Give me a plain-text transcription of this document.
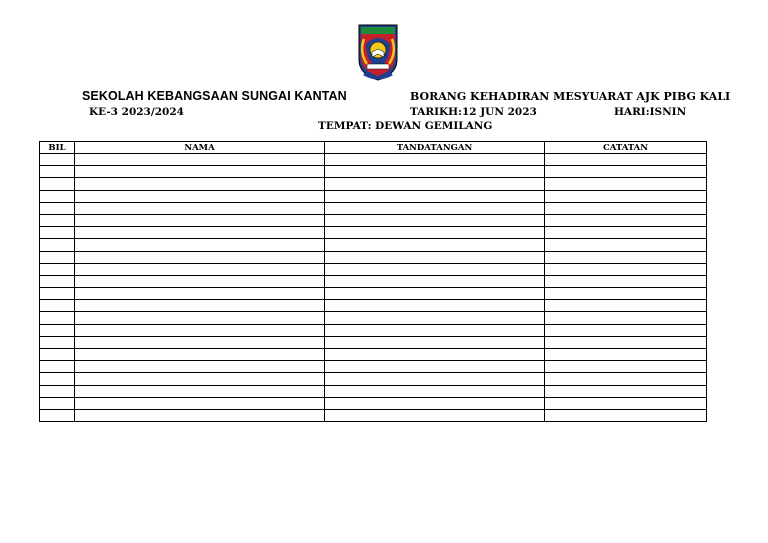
SEKOLAH KEBANGSAAN SUNGAI KANTAN
KE-3 2023/2024
BORANG KEHADIRAN MESYUARAT AJK PIBG KALI
TARIKH:12 JUN 2023	HARI:ISNIN
TEMPAT: DEWAN GEMILANG
BIL	NAMA	TANDATANGAN	CATATAN
